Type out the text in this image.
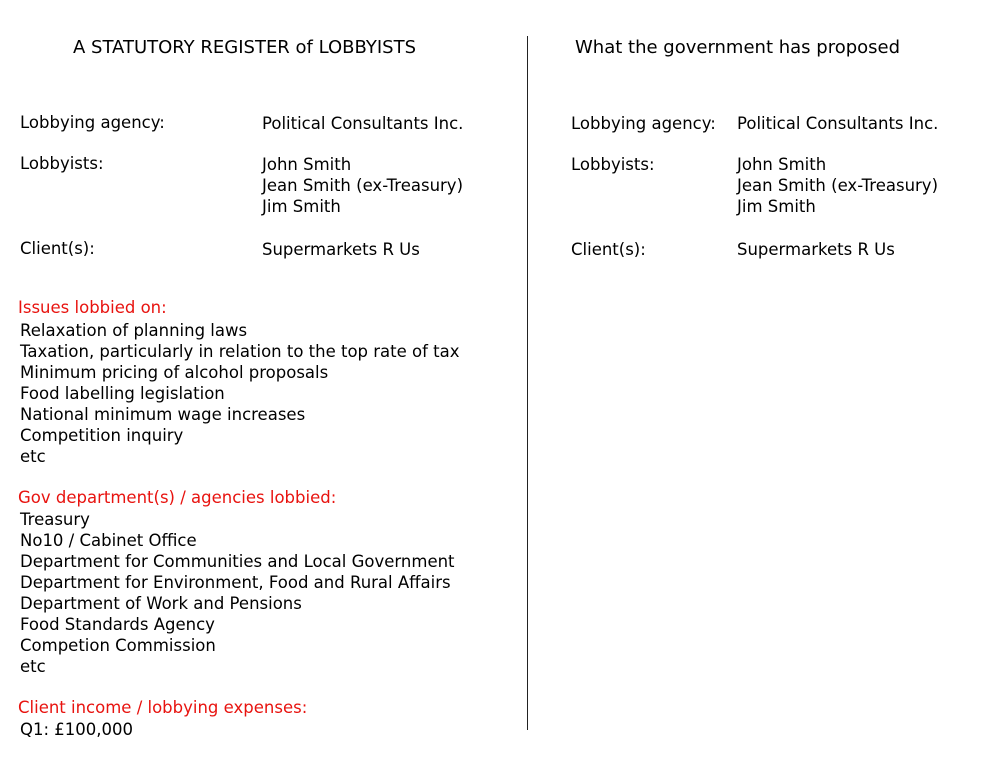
A STATUTORY REGISTER of LOBBYISTS
Lobbying agency:	Political Consultants Inc.
Lobbyists:	John Smith
Jean Smith (ex-Treasury)
Jim Smith
Client(s):	Supermarkets R Us
Issues lobbied on:
Relaxation of planning laws
Taxation, particularly in relation to the top rate of tax
Minimum pricing of alcohol proposals
Food labelling legislation
National minimum wage increases
Competition inquiry
etc
Gov department(s) / agencies lobbied:
Treasury
No10 / Cabinet Office
Department for Communities and Local Government
Department for Environment, Food and Rural Affairs
Department of Work and Pensions
Food Standards Agency
Competion Commission
etc
Client income / lobbying expenses:
Q1: £100,000
What the government has proposed
Lobbying agency: Political Consultants Inc.
Lobbyists:	John Smith
Jean Smith (ex-Treasury)
Jim Smith
Client(s):	Supermarkets R Us
